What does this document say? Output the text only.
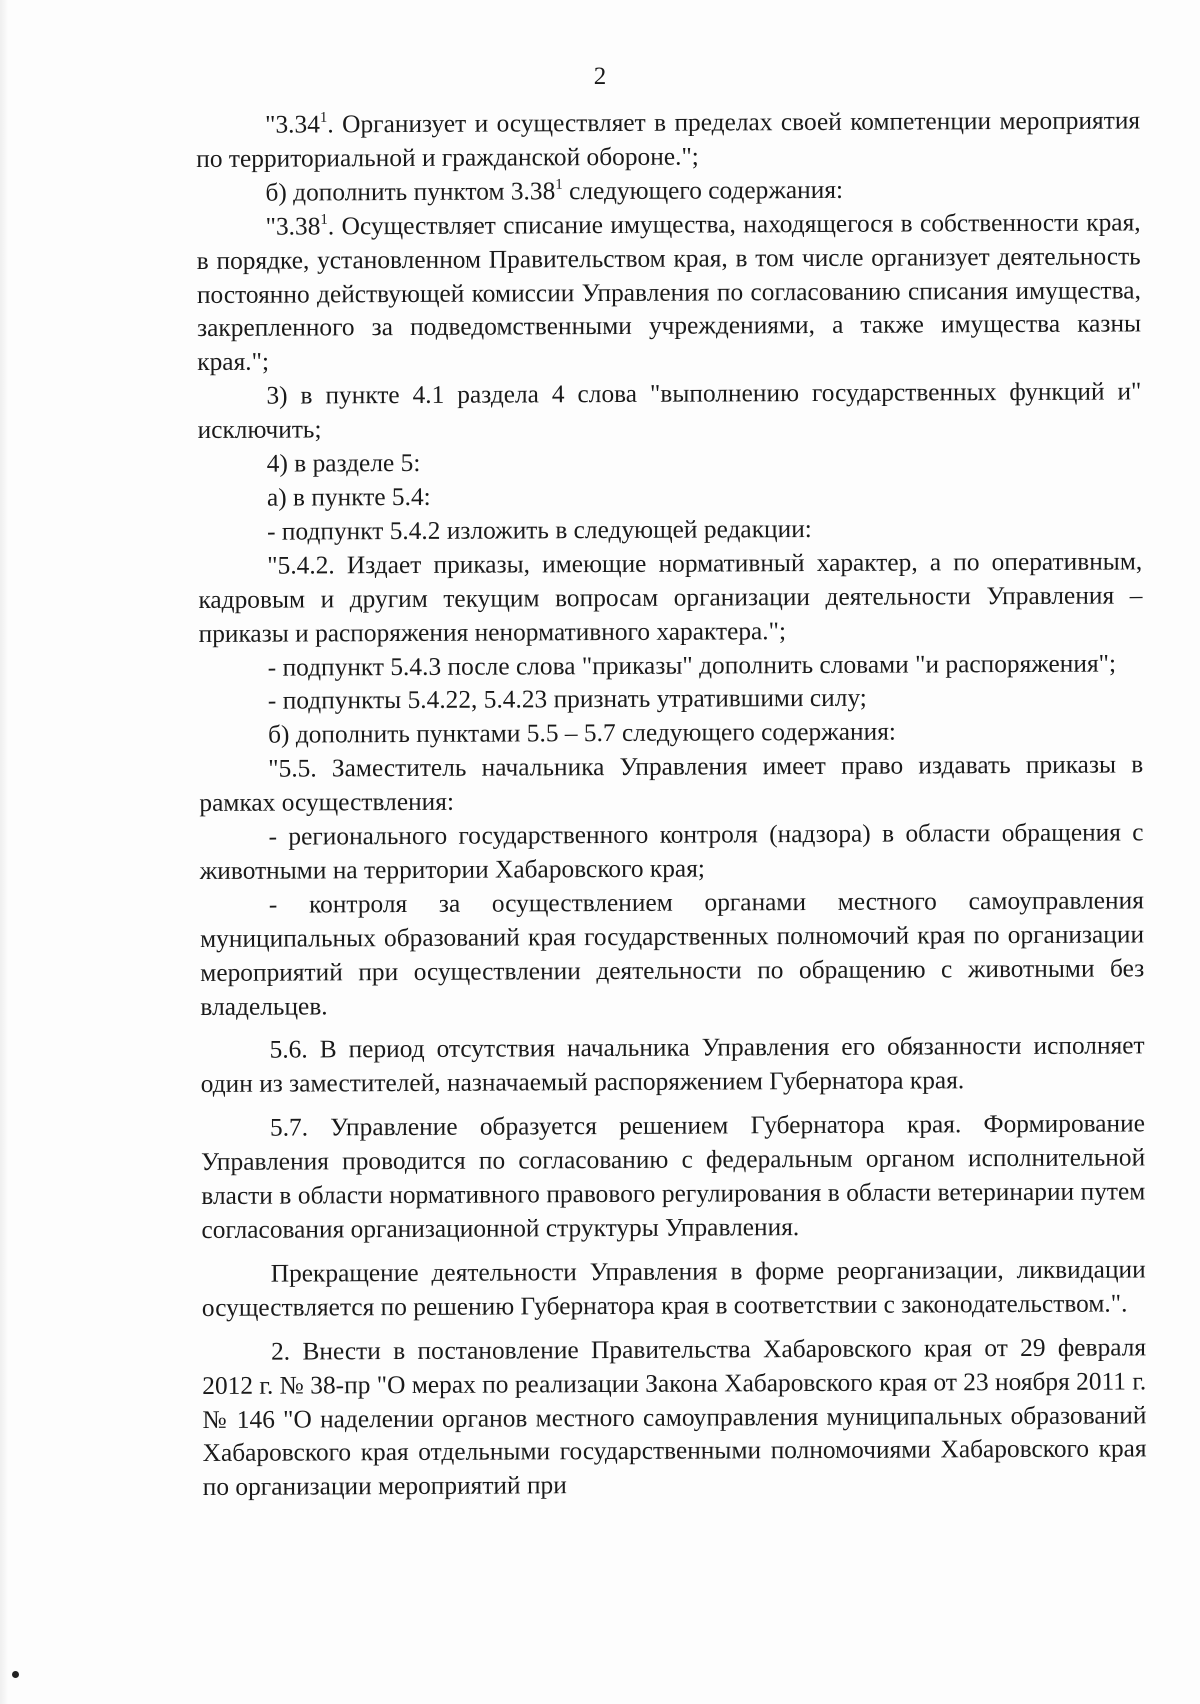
2

"3.34$^1$. Организует и осуществляет в пределах своей компетенции мероприятия по территориальной и гражданской обороне.";

б) дополнить пунктом 3.38$^1$ следующего содержания:

"3.38$^1$. Осуществляет списание имущества, находящегося в собственности края, в порядке, установленном Правительством края, в том числе организует деятельность постоянно действующей комиссии Управления по согласованию списания имущества, закрепленного за подведомственными учреждениями, а также имущества казны края.";

3) в пункте 4.1 раздела 4 слова "выполнению государственных функций и" исключить;

4) в разделе 5:

а) в пункте 5.4:

- подпункт 5.4.2 изложить в следующей редакции:

"5.4.2. Издает приказы, имеющие нормативный характер, а по оперативным, кадровым и другим текущим вопросам организации деятельности Управления – приказы и распоряжения ненормативного характера.";

- подпункт 5.4.3 после слова "приказы" дополнить словами "и распоряжения";

- подпункты 5.4.22, 5.4.23 признать утратившими силу;

б) дополнить пунктами 5.5 – 5.7 следующего содержания:

"5.5. Заместитель начальника Управления имеет право издавать приказы в рамках осуществления:

- регионального государственного контроля (надзора) в области обращения с животными на территории Хабаровского края;

- контроля за осуществлением органами местного самоуправления муниципальных образований края государственных полномочий края по организации мероприятий при осуществлении деятельности по обращению с животными без владельцев.

5.6. В период отсутствия начальника Управления его обязанности исполняет один из заместителей, назначаемый распоряжением Губернатора края.

5.7. Управление образуется решением Губернатора края. Формирование Управления проводится по согласованию с федеральным органом исполнительной власти в области нормативного правового регулирования в области ветеринарии путем согласования организационной структуры Управления.

Прекращение деятельности Управления в форме реорганизации, ликвидации осуществляется по решению Губернатора края в соответствии с законодательством.".

2. Внести в постановление Правительства Хабаровского края от 29 февраля 2012 г. № 38-пр "О мерах по реализации Закона Хабаровского края от 23 ноября 2011 г. № 146 "О наделении органов местного самоуправления муниципальных образований Хабаровского края отдельными государственными полномочиями Хабаровского края по организации мероприятий при
